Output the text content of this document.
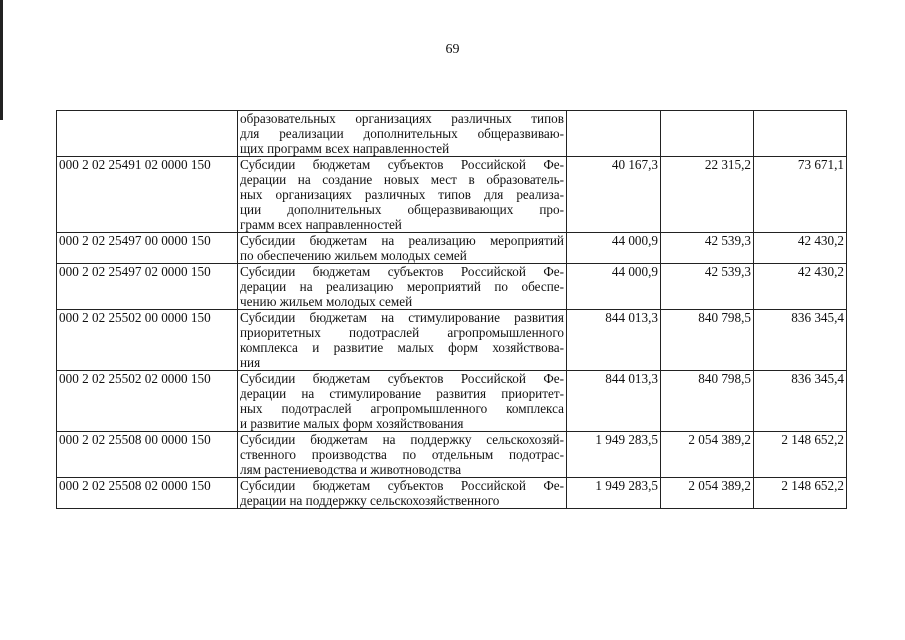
69

	образовательных организациях различных типов
для реализации дополнительных общеразвиваю-
щих программ всех направленностей			

000 2 02 25491 02 0000 150	Субсидии бюджетам субъектов Российской Фе-
дерации на создание новых мест в образователь-
ных организациях различных типов для реализа-
ции дополнительных общеразвивающих про-
грамм всех направленностей	40 167,3	22 315,2	73 671,1
000 2 02 25497 00 0000 150	Субсидии бюджетам на реализацию мероприятий
по обеспечению жильем молодых семей	44 000,9	42 539,3	42 430,2
000 2 02 25497 02 0000 150	Субсидии бюджетам субъектов Российской Фе-
дерации на реализацию мероприятий по обеспе-
чению жильем молодых семей	44 000,9	42 539,3	42 430,2
000 2 02 25502 00 0000 150	Субсидии бюджетам на стимулирование развития
приоритетных подотраслей агропромышленного
комплекса и развитие малых форм хозяйствова-
ния	844 013,3	840 798,5	836 345,4
000 2 02 25502 02 0000 150	Субсидии бюджетам субъектов Российской Фе-
дерации на стимулирование развития приоритет-
ных подотраслей агропромышленного комплекса
и развитие малых форм хозяйствования	844 013,3	840 798,5	836 345,4
000 2 02 25508 00 0000 150	Субсидии бюджетам на поддержку сельскохозяй-
ственного производства по отдельным подотрас-
лям растениеводства и животноводства	1 949 283,5	2 054 389,2	2 148 652,2
000 2 02 25508 02 0000 150	Субсидии бюджетам субъектов Российской Фе-
дерации на поддержку сельскохозяйственного	1 949 283,5	2 054 389,2	2 148 652,2
